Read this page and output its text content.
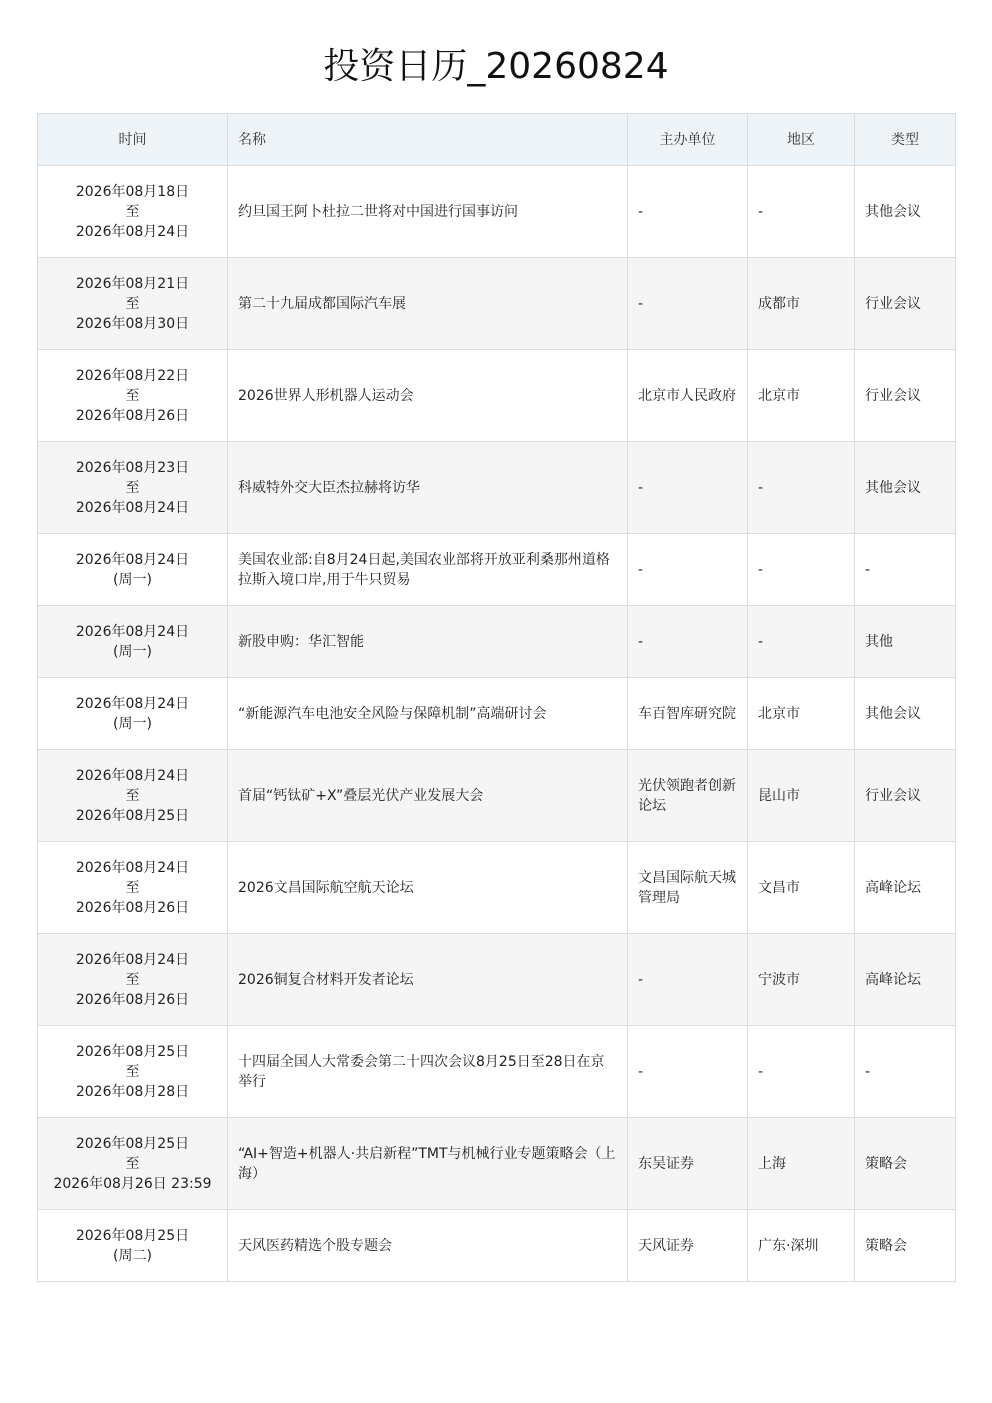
投资日历_20260824
时间	名称	主办单位	地区	类型

2026年08月18日
至
2026年08月24日	约旦国王阿卜杜拉二世将对中国进行国事访问	-	-	其他会议

2026年08月21日
至
2026年08月30日	第二十九届成都国际汽车展	-	成都市	行业会议

2026年08月22日
至
2026年08月26日	2026世界人形机器人运动会	北京市人民政府	北京市	行业会议

2026年08月23日
至
2026年08月24日	科威特外交大臣杰拉赫将访华	-	-	其他会议

2026年08月24日
(周一)	美国农业部:自8月24日起,美国农业部将开放亚利桑那州道格拉斯入境口岸,用于牛只贸易	-	-	-

2026年08月24日
(周一)	新股申购：华汇智能	-	-	其他

2026年08月24日
(周一)	“新能源汽车电池安全风险与保障机制”高端研讨会	车百智库研究院	北京市	其他会议

2026年08月24日
至
2026年08月25日	首届“钙钛矿+X”叠层光伏产业发展大会	光伏领跑者创新论坛	昆山市	行业会议

2026年08月24日
至
2026年08月26日	2026文昌国际航空航天论坛	文昌国际航天城管理局	文昌市	高峰论坛

2026年08月24日
至
2026年08月26日	2026铜复合材料开发者论坛	-	宁波市	高峰论坛

2026年08月25日
至
2026年08月28日	十四届全国人大常委会第二十四次会议8月25日至28日在京举行	-	-	-

2026年08月25日
至
2026年08月26日 23:59	“AI+智造+机器人·共启新程”TMT与机械行业专题策略会（上海）	东吴证券	上海	策略会

2026年08月25日
(周二)	天风医药精选个股专题会	天风证券	广东·深圳	策略会
